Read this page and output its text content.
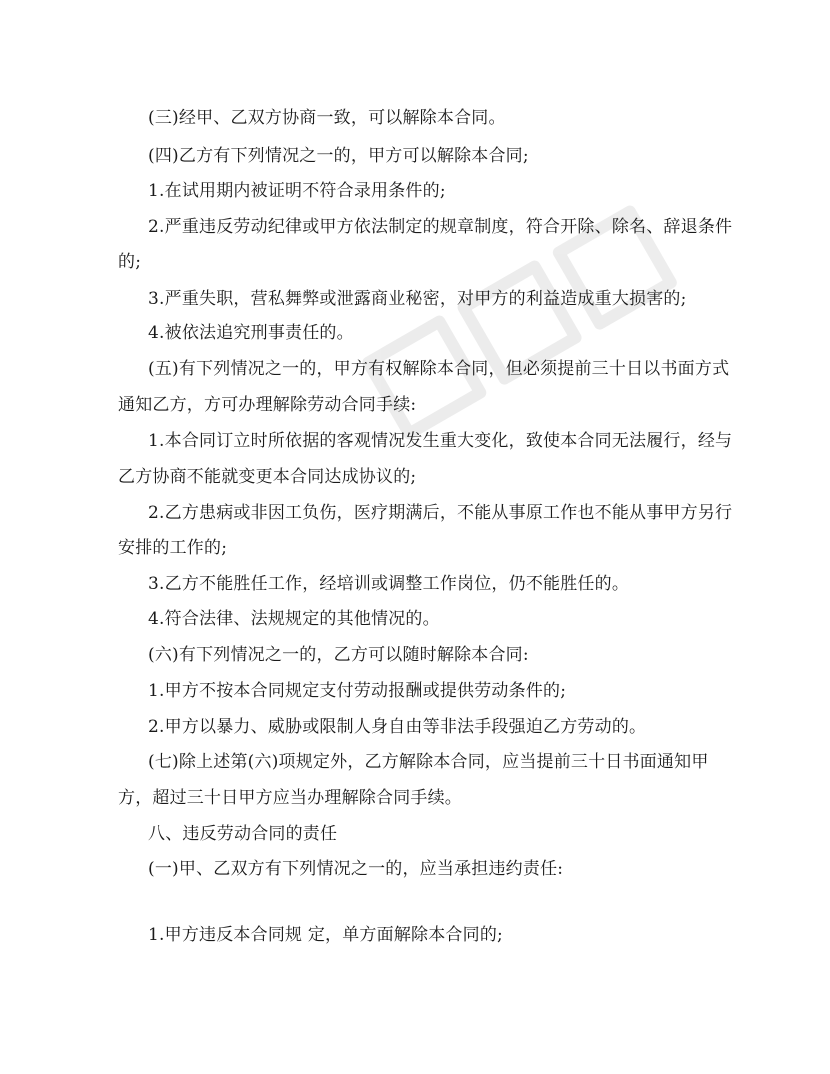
(三)经甲、乙双方协商一致，可以解除本合同。
(四)乙方有下列情况之一的，甲方可以解除本合同;
1.在试用期内被证明不符合录用条件的;
2.严重违反劳动纪律或甲方依法制定的规章制度，符合开除、除名、辞退条件
的;
3.严重失职，营私舞弊或泄露商业秘密，对甲方的利益造成重大损害的;
4.被依法追究刑事责任的。
(五)有下列情况之一的，甲方有权解除本合同，但必须提前三十日以书面方式
通知乙方，方可办理解除劳动合同手续:
1.本合同订立时所依据的客观情况发生重大变化，致使本合同无法履行，经与
乙方协商不能就变更本合同达成协议的;
2.乙方患病或非因工负伤，医疗期满后，不能从事原工作也不能从事甲方另行
安排的工作的;
3.乙方不能胜任工作，经培训或调整工作岗位，仍不能胜任的。
4.符合法律、法规规定的其他情况的。
(六)有下列情况之一的，乙方可以随时解除本合同:
1.甲方不按本合同规定支付劳动报酬或提供劳动条件的;
2.甲方以暴力、威胁或限制人身自由等非法手段强迫乙方劳动的。
(七)除上述第(六)项规定外，乙方解除本合同，应当提前三十日书面通知甲
方，超过三十日甲方应当办理解除合同手续。
八、违反劳动合同的责任
(一)甲、乙双方有下列情况之一的，应当承担违约责任:
1.甲方违反本合同规 定，单方面解除本合同的;
